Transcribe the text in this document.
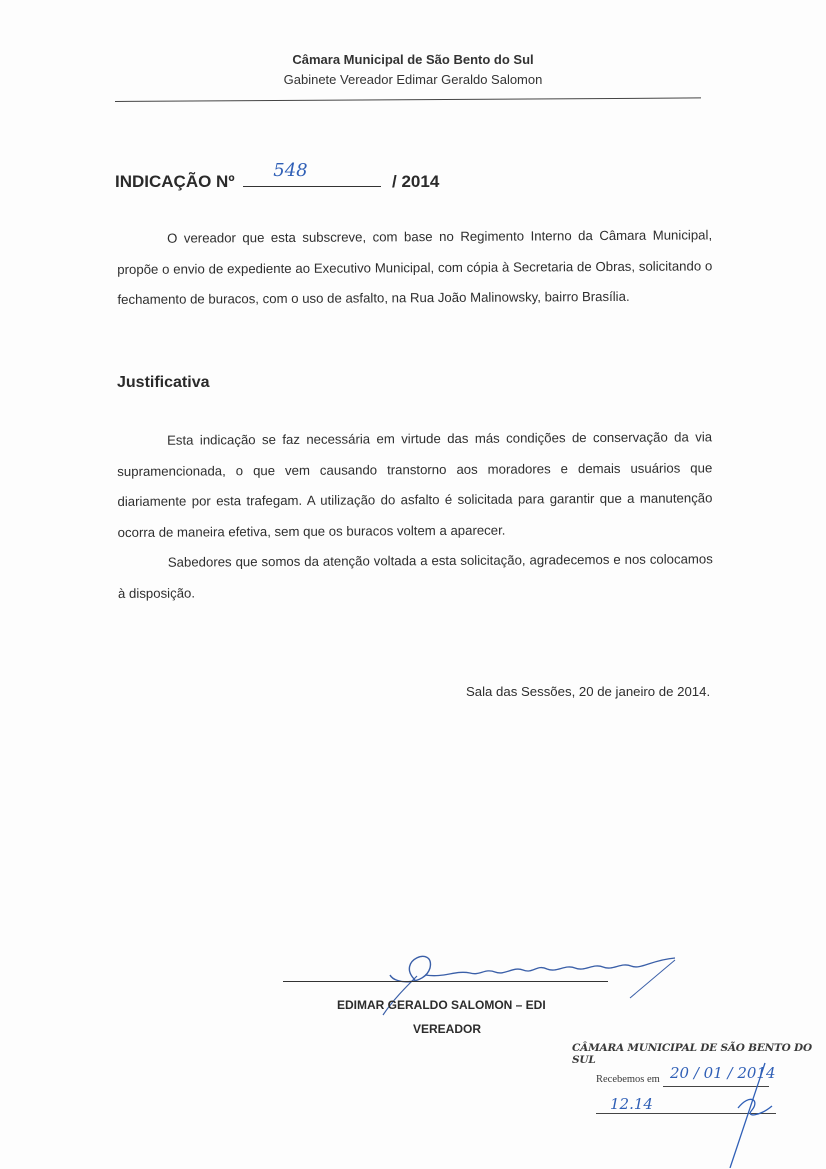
Câmara Municipal de São Bento do Sul
Gabinete Vereador Edimar Geraldo Salomon
INDICAÇÃO Nº
548
/ 2014

O vereador que esta subscreve, com base no Regimento Interno da Câmara Municipal, propõe o envio de expediente ao Executivo Municipal, com cópia à Secretaria de Obras, solicitando o fechamento de buracos, com o uso de asfalto, na Rua João Malinowsky, bairro Brasília.

Justificativa

Esta indicação se faz necessária em virtude das más condições de conservação da via supramencionada, o que vem causando transtorno aos moradores e demais usuários que diariamente por esta trafegam. A utilização do asfalto é solicitada para garantir que a manutenção ocorra de maneira efetiva, sem que os buracos voltem a aparecer.

Sabedores que somos da atenção voltada a esta solicitação, agradecemos e nos colocamos à disposição.

Sala das Sessões, 20 de janeiro de 2014.
EDIMAR GERALDO SALOMON – EDI
VEREADOR
CÂMARA MUNICIPAL DE SÃO BENTO DO SUL
Recebemos em 20 / 01 / 2014
12.14
